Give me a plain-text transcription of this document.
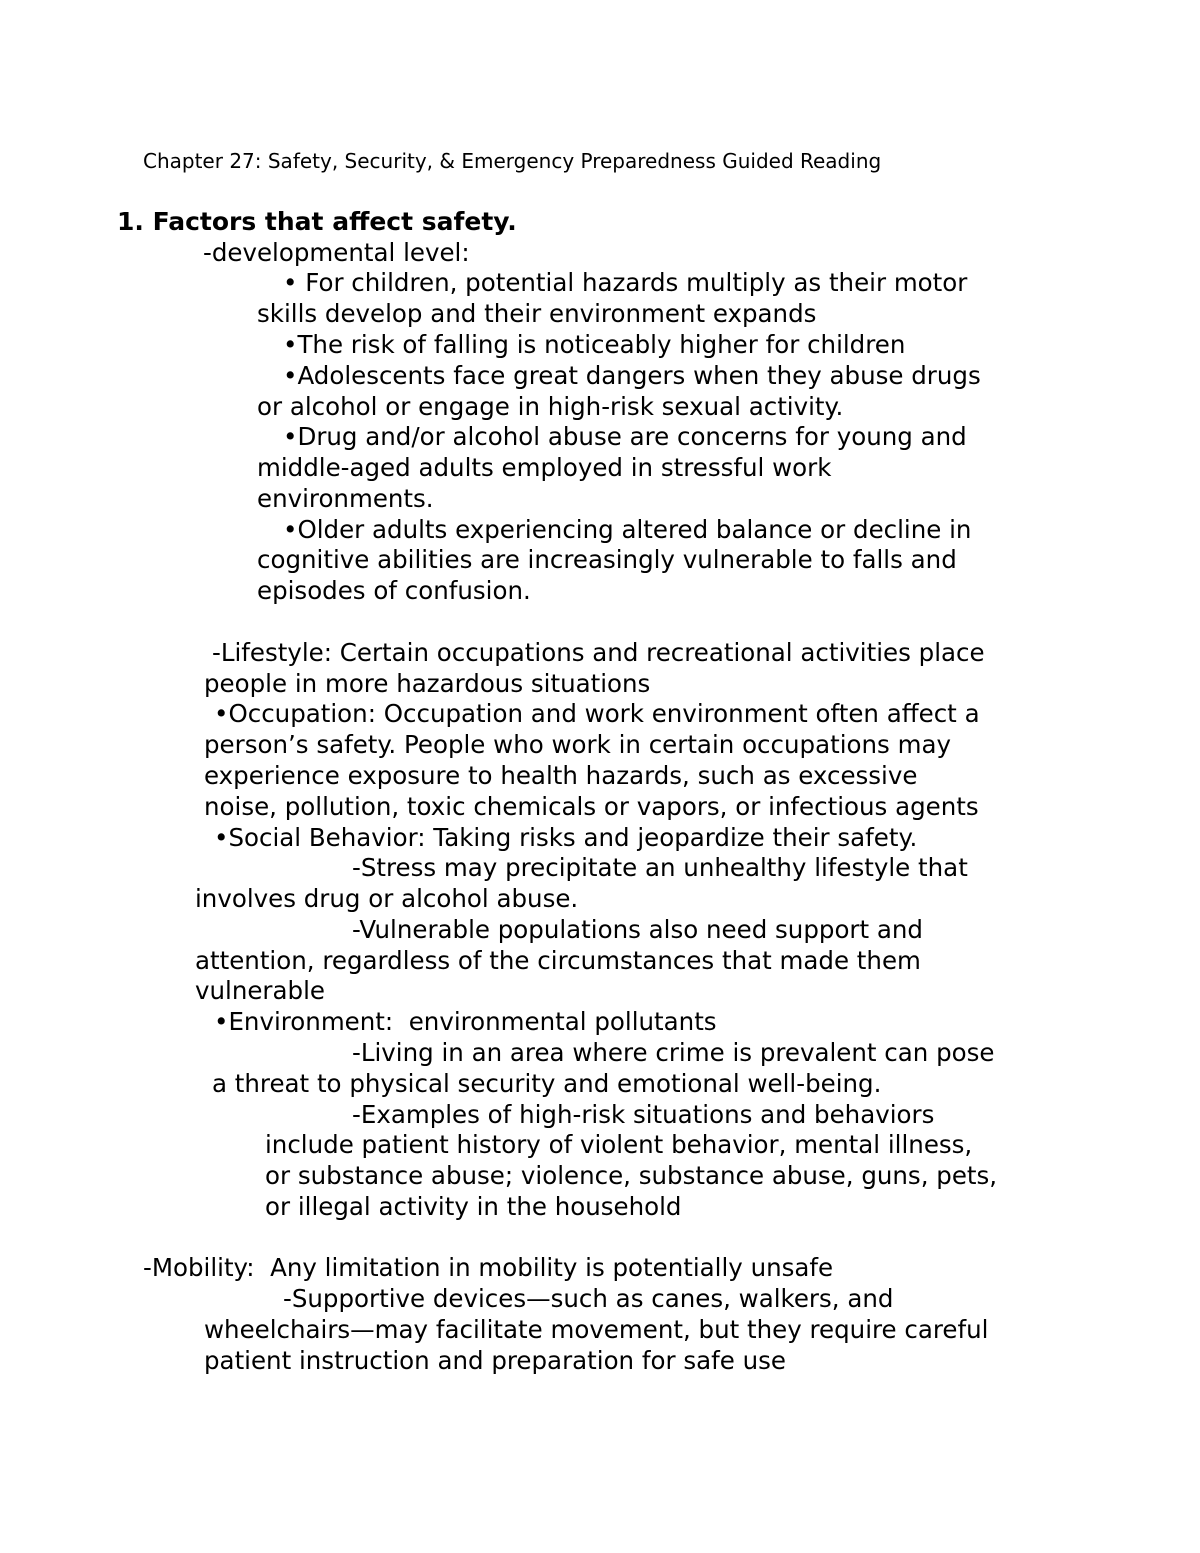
Chapter 27: Safety, Security, & Emergency Preparedness Guided Reading

1. Factors that affect safety.

-developmental level:

• For children, potential hazards multiply as their motor

skills develop and their environment expands

•The risk of falling is noticeably higher for children

•Adolescents face great dangers when they abuse drugs

or alcohol or engage in high-risk sexual activity.

•Drug and/or alcohol abuse are concerns for young and

middle-aged adults employed in stressful work

environments.

•Older adults experiencing altered balance or decline in

cognitive abilities are increasingly vulnerable to falls and

episodes of confusion.

-Lifestyle: Certain occupations and recreational activities place

people in more hazardous situations

•Occupation: Occupation and work environment often affect a

person’s safety. People who work in certain occupations may

experience exposure to health hazards, such as excessive

noise, pollution, toxic chemicals or vapors, or infectious agents

•Social Behavior: Taking risks and jeopardize their safety.

-Stress may precipitate an unhealthy lifestyle that

involves drug or alcohol abuse.

-Vulnerable populations also need support and

attention, regardless of the circumstances that made them

vulnerable

•Environment:  environmental pollutants

-Living in an area where crime is prevalent can pose

a threat to physical security and emotional well-being.

-Examples of high-risk situations and behaviors

include patient history of violent behavior, mental illness,

or substance abuse; violence, substance abuse, guns, pets,

or illegal activity in the household

-Mobility:  Any limitation in mobility is potentially unsafe

-Supportive devices—such as canes, walkers, and

wheelchairs—may facilitate movement, but they require careful

patient instruction and preparation for safe use
